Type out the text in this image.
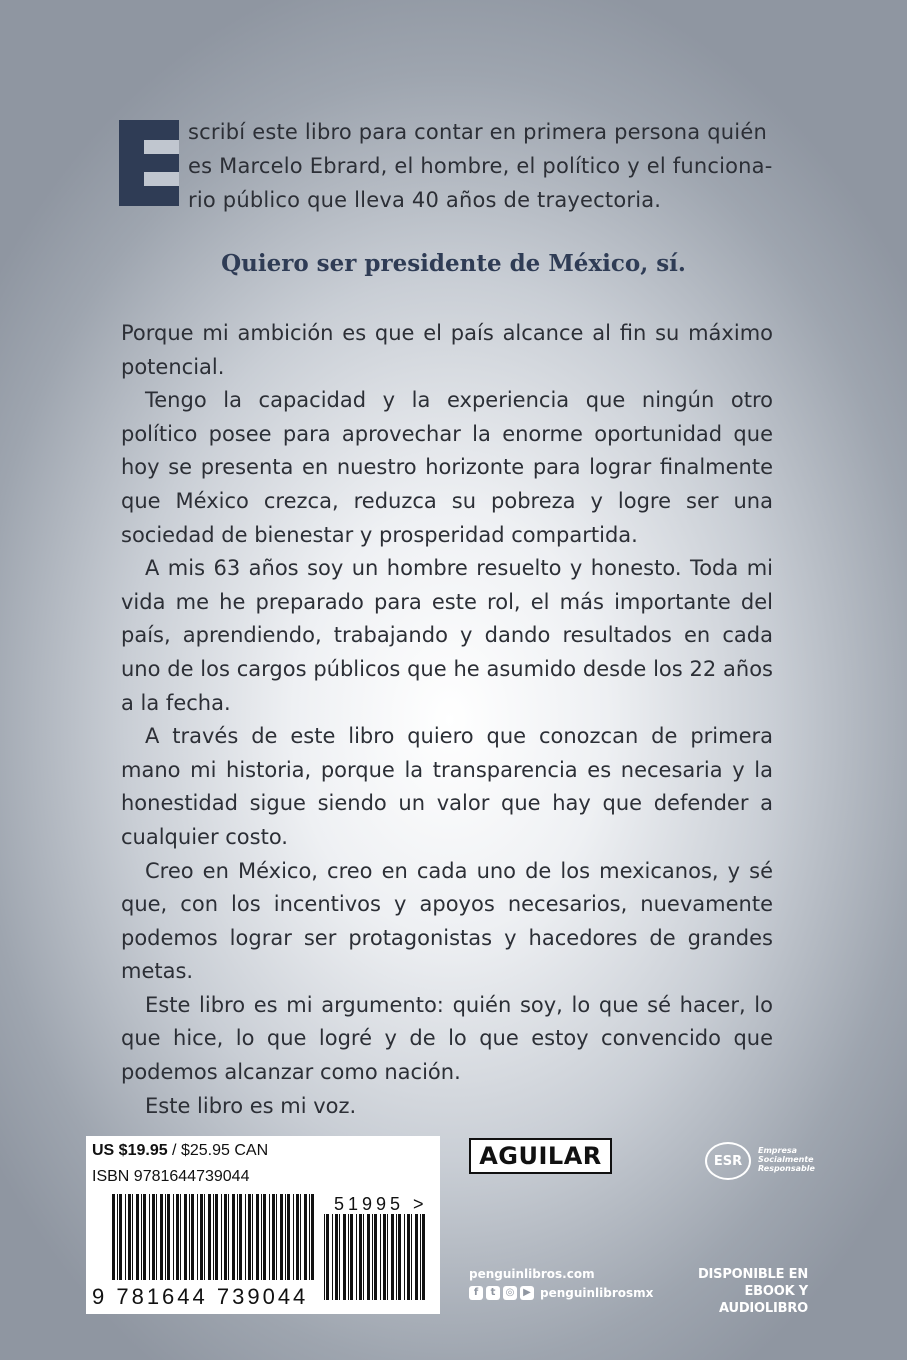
scribí este libro para contar en primera persona quién
es Marcelo Ebrard, el hombre, el político y el funciona-
rio público que lleva 40 años de trayectoria.
Quiero ser presidente de México, sí.

Porque mi ambición es que el país alcance al fin su máximo potencial.

Tengo la capacidad y la experiencia que ningún otro político posee para aprovechar la enorme oportunidad que hoy se presenta en nuestro horizonte para lograr finalmente que México crezca, reduzca su pobreza y logre ser una sociedad de bienestar y prosperidad compartida.

A mis 63 años soy un hombre resuelto y honesto. Toda mi vida me he preparado para este rol, el más importante del país, aprendiendo, trabajando y dando resultados en cada uno de los cargos públicos que he asumido desde los 22 años a la fecha.

A través de este libro quiero que conozcan de primera mano mi historia, porque la transparencia es necesaria y la honestidad sigue siendo un valor que hay que defender a cualquier costo.

Creo en México, creo en cada uno de los mexicanos, y sé que, con los incentivos y apoyos necesarios, nuevamente podemos lograr ser protagonistas y hacedores de grandes metas.

Este libro es mi argumento: quién soy, lo que sé hacer, lo que hice, lo que logré y de lo que estoy convencido que podemos alcanzar como nación.

Este libro es mi voz.

US $19.95 / $25.95 CAN
ISBN 9781644739044
51995 >
9 781644 739044
AGUILAR	ESR
Empresa
Socialmente
Responsable
penguinlibros.com
f	t	◎ ▶ penguinlibrosmx
DISPONIBLE EN
EBOOK Y AUDIOLIBRO
